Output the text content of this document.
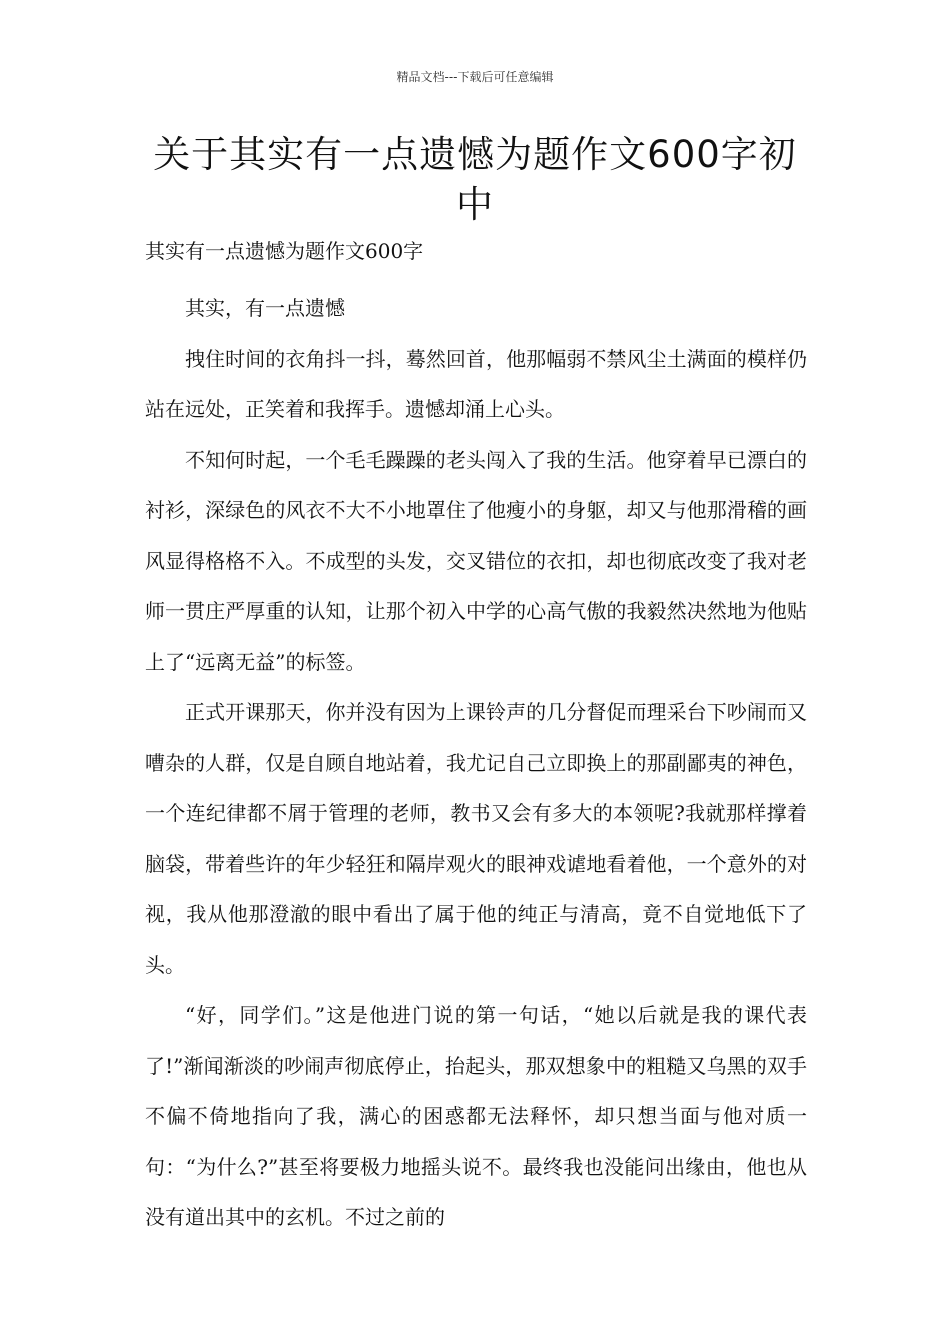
精品文档---下载后可任意编辑
关于其实有一点遗憾为题作文600字初中

其实有一点遗憾为题作文600字

其实，有一点遗憾

拽住时间的衣角抖一抖，蓦然回首，他那幅弱不禁风尘土满面的模样仍站在远处，正笑着和我挥手。遗憾却涌上心头。

不知何时起，一个毛毛躁躁的老头闯入了我的生活。他穿着早已漂白的衬衫，深绿色的风衣不大不小地罩住了他瘦小的身躯，却又与他那滑稽的画风显得格格不入。不成型的头发，交叉错位的衣扣，却也彻底改变了我对老师一贯庄严厚重的认知，让那个初入中学的心高气傲的我毅然决然地为他贴上了“远离无益”的标签。

正式开课那天，你并没有因为上课铃声的几分督促而理采台下吵闹而又嘈杂的人群，仅是自顾自地站着，我尤记自己立即换上的那副鄙夷的神色，一个连纪律都不屑于管理的老师，教书又会有多大的本领呢?我就那样撑着脑袋，带着些许的年少轻狂和隔岸观火的眼神戏谑地看着他，一个意外的对视，我从他那澄澈的眼中看出了属于他的纯正与清高，竟不自觉地低下了头。

“好，同学们。”这是他进门说的第一句话，“她以后就是我的课代表了!”渐闻渐淡的吵闹声彻底停止，抬起头，那双想象中的粗糙又乌黑的双手不偏不倚地指向了我，满心的困惑都无法释怀，却只想当面与他对质一句：“为什么?”甚至将要极力地摇头说不。最终我也没能问出缘由，他也从没有道出其中的玄机。不过之前的
